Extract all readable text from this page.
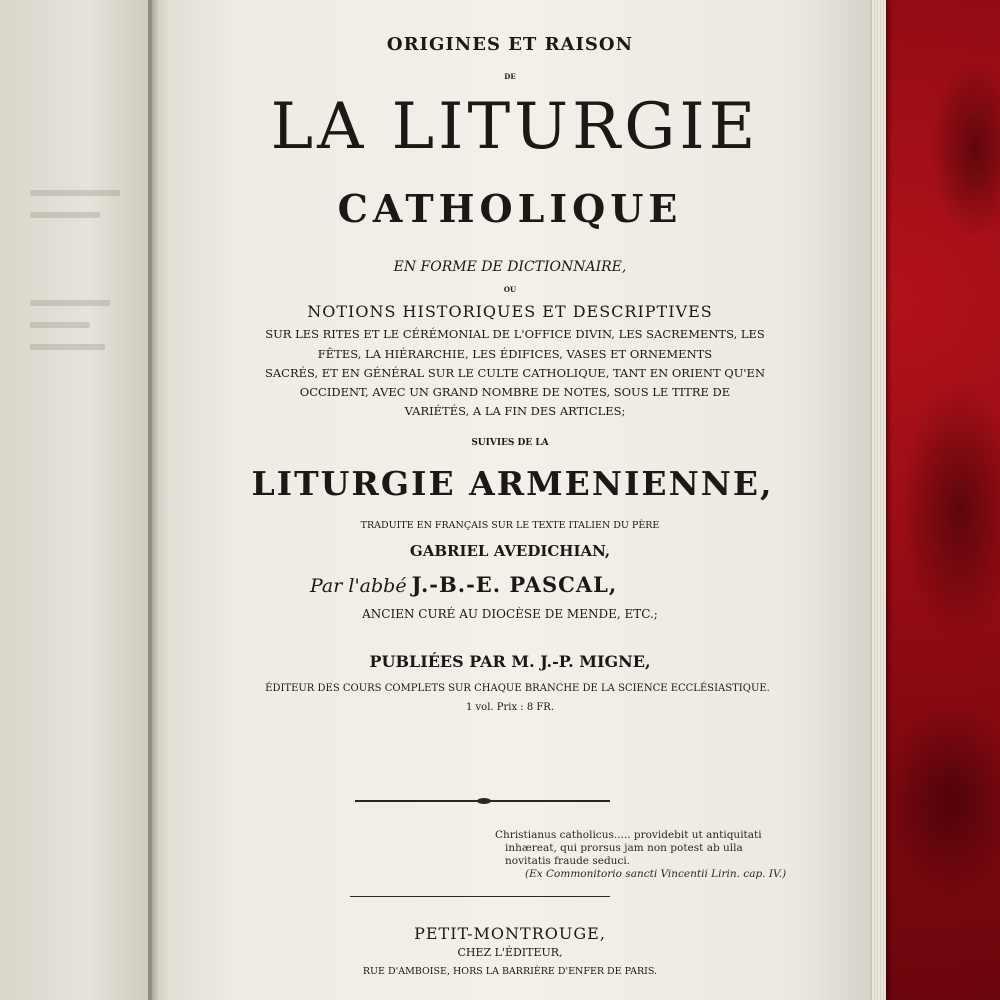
ORIGINES ET RAISON
DE
LA LITURGIE
CATHOLIQUE
EN FORME DE DICTIONNAIRE,
OU
NOTIONS HISTORIQUES ET DESCRIPTIVES
SUR LES RITES ET LE CÉRÉMONIAL DE L'OFFICE DIVIN, LES SACREMENTS, LES
FÊTES, LA HIÉRARCHIE, LES ÉDIFICES, VASES ET ORNEMENTS
SACRÉS, ET EN GÉNÉRAL SUR LE CULTE CATHOLIQUE, TANT EN ORIENT QU'EN
OCCIDENT, AVEC UN GRAND NOMBRE DE NOTES, SOUS LE TITRE DE
VARIÉTÉS, A LA FIN DES ARTICLES;
SUIVIES DE LA
LITURGIE ARMENIENNE,
TRADUITE EN FRANÇAIS SUR LE TEXTE ITALIEN DU PÈRE
GABRIEL AVEDICHIAN,
Par l'abbé J.-B.-E. PASCAL,
ANCIEN CURÉ AU DIOCÈSE DE MENDE, ETC.;
PUBLIÉES PAR M. J.-P. MIGNE,
ÉDITEUR DES COURS COMPLETS SUR CHAQUE BRANCHE DE LA SCIENCE ECCLÉSIASTIQUE.
1 vol. Prix : 8 FR.
Christianus catholicus..... providebit ut antiquitati
inhæreat, qui prorsus jam non potest ab ulla
novitatis fraude seduci.
(Ex Commonitorio sancti Vincentii Lirin. cap. IV.)
PETIT-MONTROUGE,
CHEZ L'ÉDITEUR,
RUE D'AMBOISE, HORS LA BARRIÈRE D'ENFER DE PARIS.
